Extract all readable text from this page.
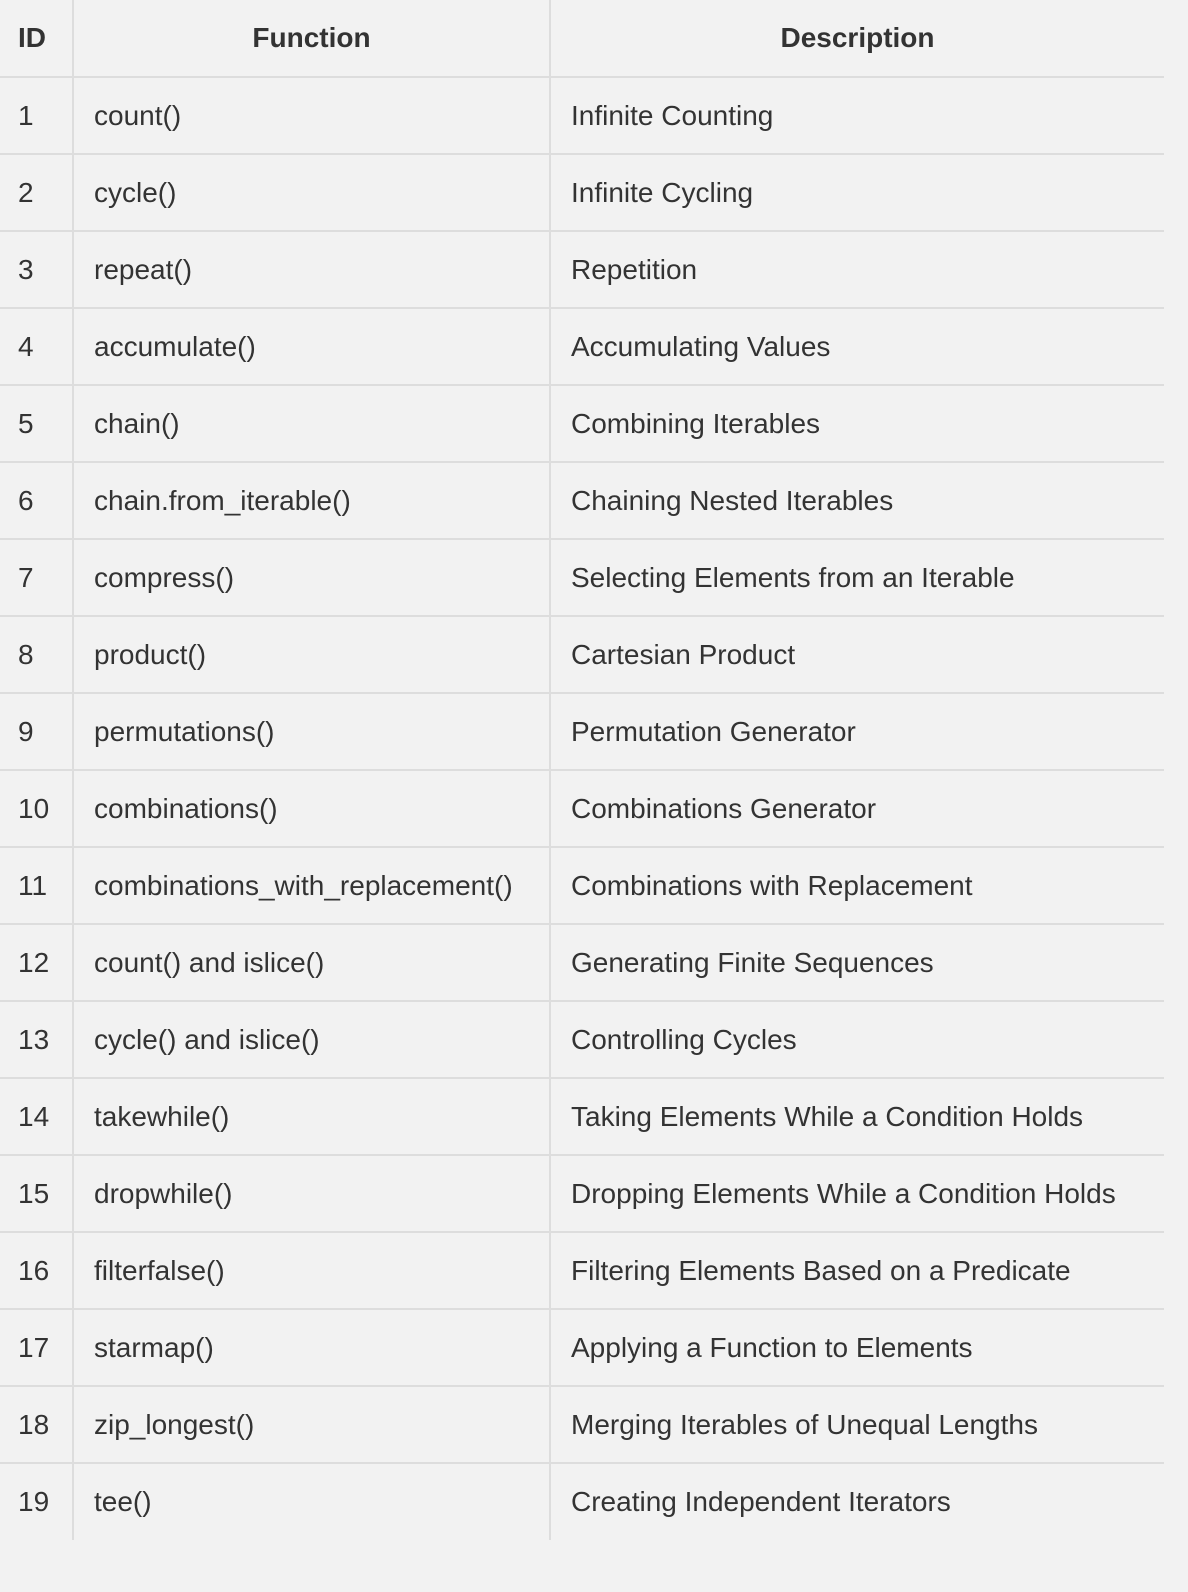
ID	Function	Description
1	count()	Infinite Counting
2	cycle()	Infinite Cycling
3	repeat()	Repetition
4	accumulate()	Accumulating Values
5	chain()	Combining Iterables
6	chain.from_iterable()	Chaining Nested Iterables
7	compress()	Selecting Elements from an Iterable
8	product()	Cartesian Product
9	permutations()	Permutation Generator
10	combinations()	Combinations Generator
11	combinations_with_replacement()	Combinations with Replacement
12	count() and islice()	Generating Finite Sequences
13	cycle() and islice()	Controlling Cycles
14	takewhile()	Taking Elements While a Condition Holds
15	dropwhile()	Dropping Elements While a Condition Holds
16	filterfalse()	Filtering Elements Based on a Predicate
17	starmap()	Applying a Function to Elements
18	zip_longest()	Merging Iterables of Unequal Lengths
19	tee()	Creating Independent Iterators
